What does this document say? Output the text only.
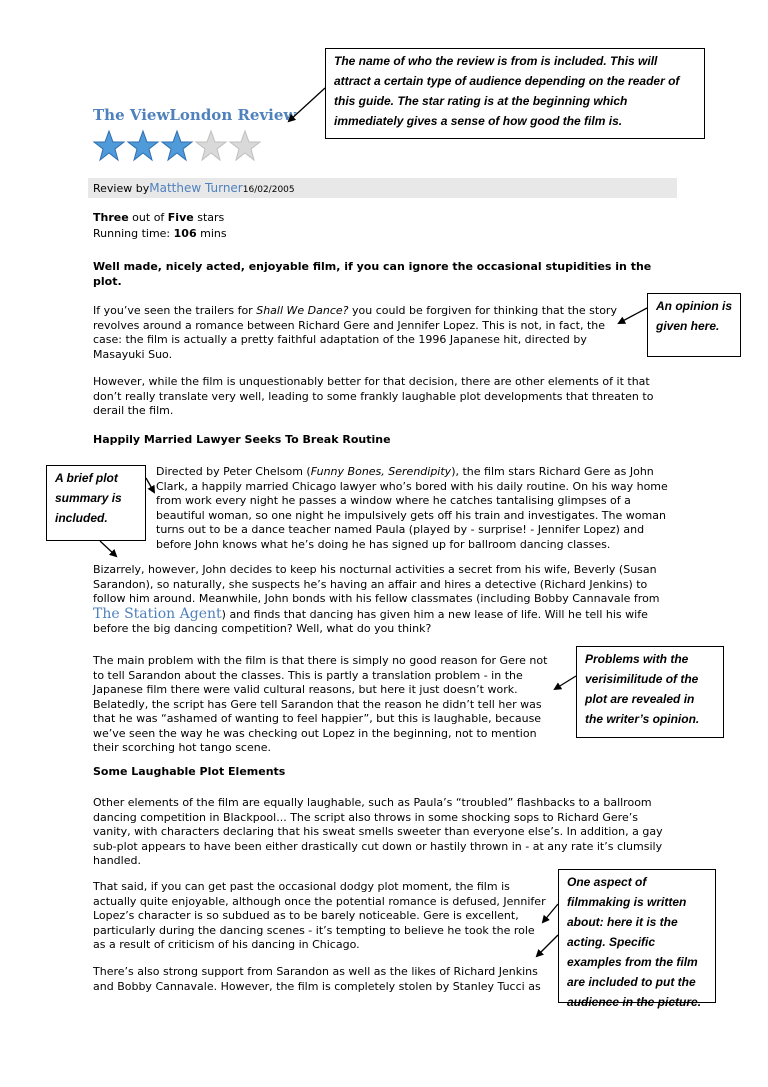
The ViewLondon Review
Review byMatthew Turner16/02/2005
Three out of Five stars
Running time: 106 mins
Well made, nicely acted, enjoyable film, if you can ignore the occasional stupidities in the plot.
If you’ve seen the trailers for Shall We Dance? you could be forgiven for thinking that the story revolves around a romance between Richard Gere and Jennifer Lopez. This is not, in fact, the case: the film is actually a pretty faithful adaptation of the 1996 Japanese hit, directed by Masayuki Suo.
However, while the film is unquestionably better for that decision, there are other elements of it that don’t really translate very well, leading to some frankly laughable plot developments that threaten to derail the film.
Happily Married Lawyer Seeks To Break Routine
Directed by Peter Chelsom (Funny Bones, Serendipity), the film stars Richard Gere as John Clark, a happily married Chicago lawyer who’s bored with his daily routine. On his way home from work every night he passes a window where he catches tantalising glimpses of a beautiful woman, so one night he impulsively gets off his train and investigates. The woman turns out to be a dance teacher named Paula (played by - surprise! - Jennifer Lopez) and before John knows what he’s doing he has signed up for ballroom dancing classes.
Bizarrely, however, John decides to keep his nocturnal activities a secret from his wife, Beverly (Susan Sarandon), so naturally, she suspects he’s having an affair and hires a detective (Richard Jenkins) to follow him around. Meanwhile, John bonds with his fellow classmates (including Bobby Cannavale from The Station Agent) and finds that dancing has given him a new lease of life. Will he tell his wife before the big dancing competition? Well, what do you think?
The main problem with the film is that there is simply no good reason for Gere not to tell Sarandon about the classes. This is partly a translation problem - in the Japanese film there were valid cultural reasons, but here it just doesn’t work. Belatedly, the script has Gere tell Sarandon that the reason he didn’t tell her was that he was “ashamed of wanting to feel happier”, but this is laughable, because we’ve seen the way he was checking out Lopez in the beginning, not to mention their scorching hot tango scene.
Some Laughable Plot Elements
Other elements of the film are equally laughable, such as Paula’s “troubled” flashbacks to a ballroom dancing competition in Blackpool... The script also throws in some shocking sops to Richard Gere’s vanity, with characters declaring that his sweat smells sweeter than everyone else’s. In addition, a gay sub-plot appears to have been either drastically cut down or hastily thrown in - at any rate it’s clumsily handled.
That said, if you can get past the occasional dodgy plot moment, the film is actually quite enjoyable, although once the potential romance is defused, Jennifer Lopez’s character is so subdued as to be barely noticeable. Gere is excellent, particularly during the dancing scenes - it’s tempting to believe he took the role as a result of criticism of his dancing in Chicago.
There’s also strong support from Sarandon as well as the likes of Richard Jenkins and Bobby Cannavale. However, the film is completely stolen by Stanley Tucci as
The name of who the review is from is included. This will attract a certain type of audience depending on the reader of this guide. The star rating is at the beginning which immediately gives a sense of how good the film is.
An opinion is given here.
A brief plot summary is included.
Problems with the verisimilitude of the plot are revealed in the writer’s opinion.
One aspect of filmmaking is written about: here it is the acting. Specific examples from the film are included to put the audience in the picture.
